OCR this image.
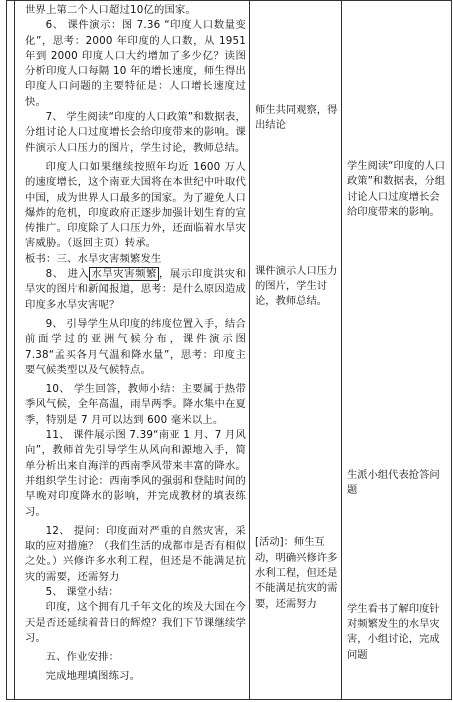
世界上第二个人口超过10亿的国家。

6、 课件演示：图 7.36 “印度人口数量变化”，思考：2000 年印度的人口数，从 1951 年到 2000 印度人口大约增加了多少亿？读图分析印度人口每隔 10 年的增长速度，师生得出印度人口问题的主要特征是：人口增长速度过快。

7、 学生阅读“印度的人口政策”和数据表，分组讨论人口过度增长会给印度带来的影响。课件演示人口压力的图片，学生讨论，教师总结。

印度人口如果继续按照年均近 1600 万人的速度增长，这个南亚大国将在本世纪中叶取代中国，成为世界人口最多的国家。为了避免人口爆炸的危机，印度政府正逐步加强计划生育的宣传推广。印度除了人口压力外，还面临着水旱灾害威胁。（返回主页）转承。

板书：三、水旱灾害频繁发生

8、 进入 水旱灾害频繁 ，展示印度洪灾和旱灾的图片和新闻报道，思考：是什么原因造成印度多水旱灾害呢？

9、 引导学生从印度的纬度位置入手，结合前面学过的亚洲气候分布，课件演示图 7.38“孟买各月气温和降水量”，思考：印度主要气候类型以及气候特点。

10、 学生回答，教师小结：主要属于热带季风气候，全年高温，雨旱两季。降水集中在夏季，特别是 7 月可以达到 600 毫米以上。

11、 课件展示图 7.39“南亚 1 月、7 月风向”，教师首先引导学生从风向和源地入手，简单分析出来自海洋的西南季风带来丰富的降水。并组织学生讨论：西南季风的强弱和登陆时间的早晚对印度降水的影响，并完成教材的填表练习。

12、 提问：印度面对严重的自然灾害，采取的应对措施？（我们生活的成都市是否有相似之处。）兴修许多水利工程，但还是不能满足抗灾的需要，还需努力

5、 课堂小结：

印度，这个拥有几千年文化的埃及大国在今天是否还延续着昔日的辉煌？我们下节课继续学习。

五、作业安排：

完成地理填图练习。

师生共同观察，得出结论

课件演示人口压力的图片，学生讨论，教师总结。

[活动]：师生互动，明确兴修许多水利工程，但还是不能满足抗灾的需要，还需努力

学生阅读“印度的人口政策”和数据表，分组讨论人口过度增长会给印度带来的影响。

生派小组代表抢答问题

学生看书了解印度针对频繁发生的水旱灾害，小组讨论，完成问题
